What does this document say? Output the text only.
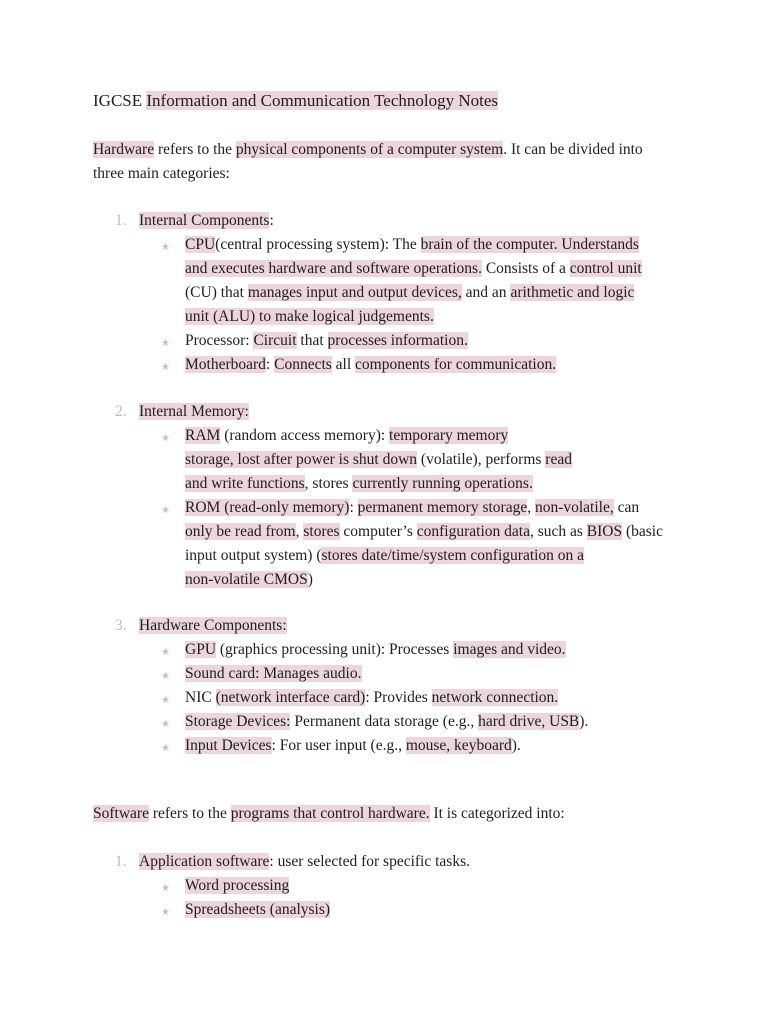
IGCSE Information and Communication Technology Notes
Hardware refers to the physical components of a computer system. It can be divided into
three main categories:
1. Internal Components:
★ CPU(central processing system): The brain of the computer. Understands
and executes hardware and software operations. Consists of a control unit
(CU) that manages input and output devices, and an arithmetic and logic
unit (ALU) to make logical judgements.
★ Processor: Circuit that processes information.
★ Motherboard: Connects all components for communication.
2. Internal Memory:
★ RAM (random access memory): temporary memory
storage, lost after power is shut down (volatile), performs read
and write functions, stores currently running operations.
★ ROM (read-only memory): permanent memory storage, non-volatile, can
only be read from, stores computer’s configuration data, such as BIOS (basic
input output system) (stores date/time/system configuration on a
non-volatile CMOS)
3. Hardware Components:
★ GPU (graphics processing unit): Processes images and video.
★ Sound card: Manages audio.
★ NIC (network interface card): Provides network connection.
★ Storage Devices: Permanent data storage (e.g., hard drive, USB).
★ Input Devices: For user input (e.g., mouse, keyboard).
Software refers to the programs that control hardware. It is categorized into:
1. Application software: user selected for specific tasks.
★ Word processing
★ Spreadsheets (analysis)
